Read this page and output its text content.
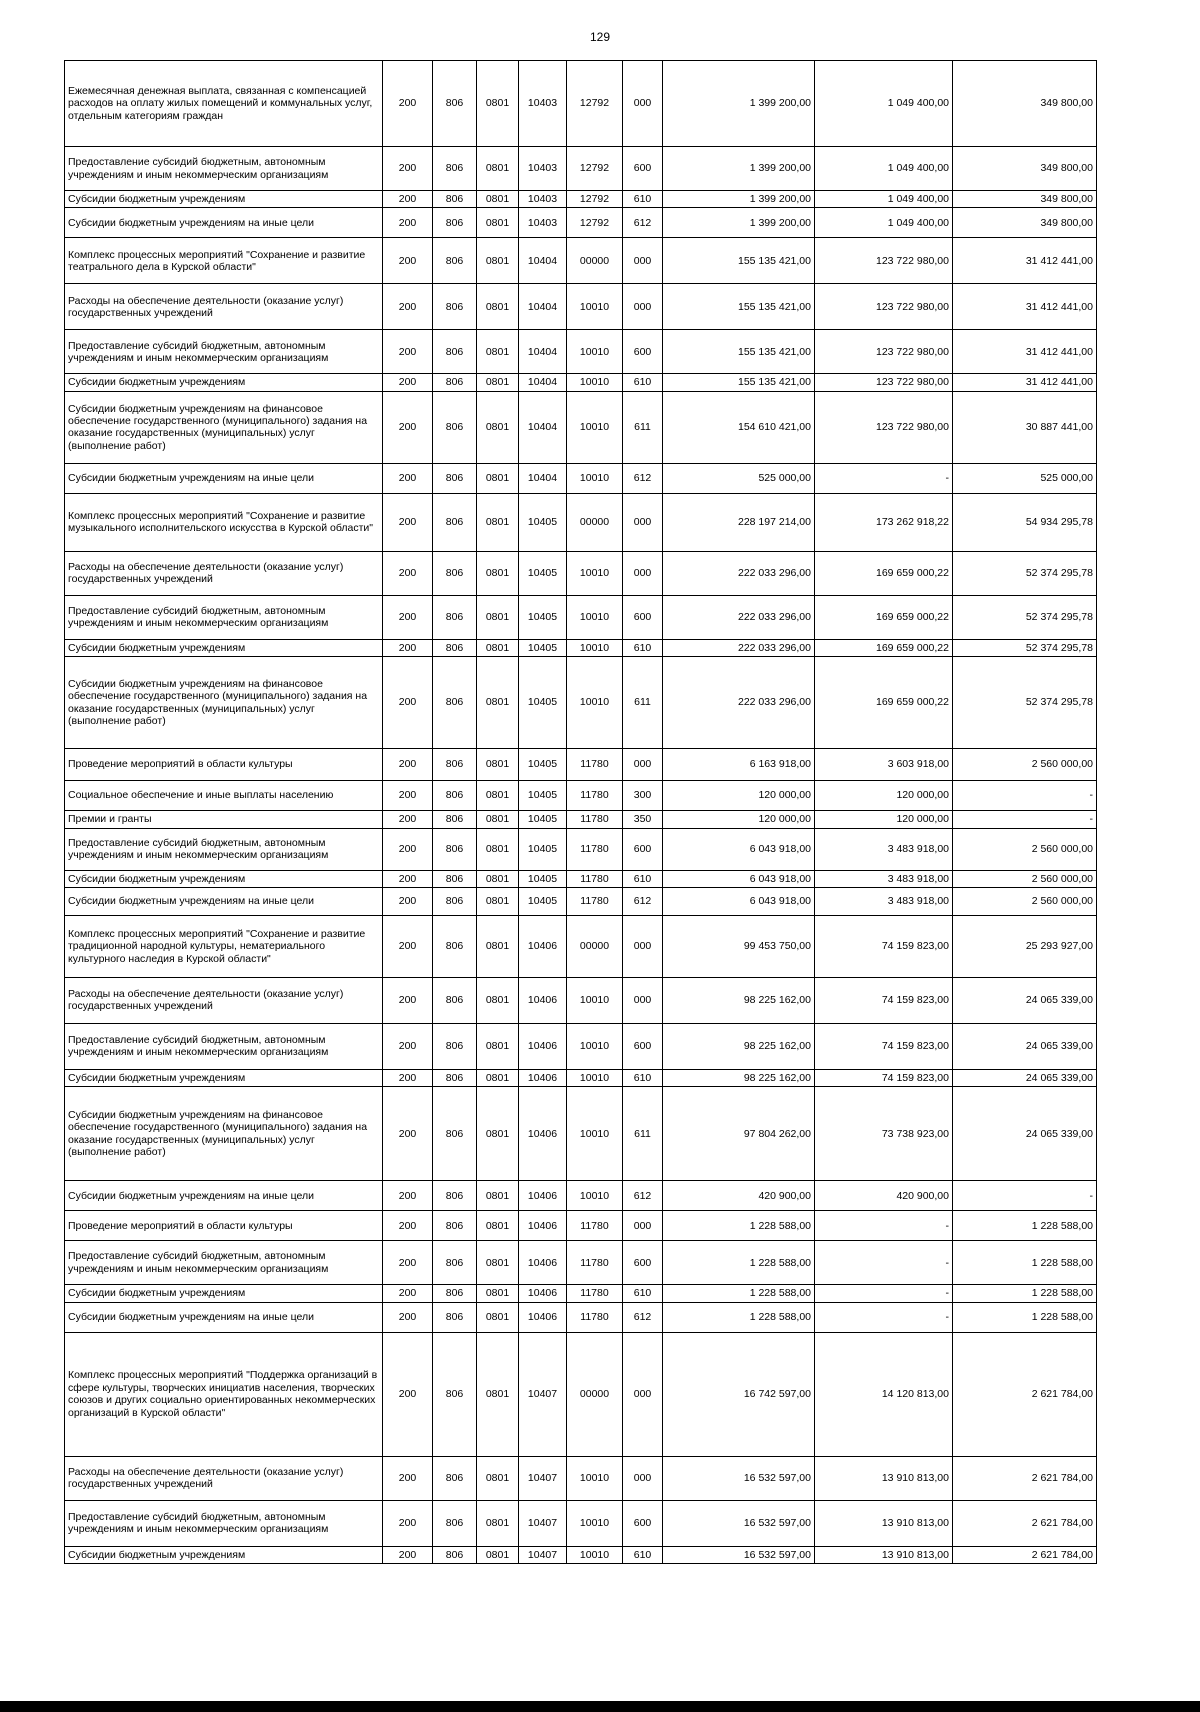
129
Ежемесячная денежная выплата, связанная с компенсацией расходов на оплату жилых помещений и коммунальных услуг, отдельным категориям граждан	200	806	0801	10403	12792	000	1 399 200,00	1 049 400,00	349 800,00
Предоставление субсидий бюджетным, автономным учреждениям и иным некоммерческим организациям	200	806	0801	10403	12792	600	1 399 200,00	1 049 400,00	349 800,00
Субсидии бюджетным учреждениям	200	806	0801	10403	12792	610	1 399 200,00	1 049 400,00	349 800,00
Субсидии бюджетным учреждениям на иные цели	200	806	0801	10403	12792	612	1 399 200,00	1 049 400,00	349 800,00
Комплекс процессных мероприятий "Сохранение и развитие театрального дела в Курской области"	200	806	0801	10404	00000	000	155 135 421,00	123 722 980,00	31 412 441,00
Расходы на обеспечение деятельности (оказание услуг) государственных учреждений	200	806	0801	10404	10010	000	155 135 421,00	123 722 980,00	31 412 441,00
Предоставление субсидий бюджетным, автономным учреждениям и иным некоммерческим организациям	200	806	0801	10404	10010	600	155 135 421,00	123 722 980,00	31 412 441,00
Субсидии бюджетным учреждениям	200	806	0801	10404	10010	610	155 135 421,00	123 722 980,00	31 412 441,00
Субсидии бюджетным учреждениям на финансовое обеспечение государственного (муниципального) задания на оказание государственных (муниципальных) услуг (выполнение работ)	200	806	0801	10404	10010	611	154 610 421,00	123 722 980,00	30 887 441,00
Субсидии бюджетным учреждениям на иные цели	200	806	0801	10404	10010	612	525 000,00	-	525 000,00
Комплекс процессных мероприятий "Сохранение и развитие музыкального исполнительского искусства в Курской области"	200	806	0801	10405	00000	000	228 197 214,00	173 262 918,22	54 934 295,78
Расходы на обеспечение деятельности (оказание услуг) государственных учреждений	200	806	0801	10405	10010	000	222 033 296,00	169 659 000,22	52 374 295,78
Предоставление субсидий бюджетным, автономным учреждениям и иным некоммерческим организациям	200	806	0801	10405	10010	600	222 033 296,00	169 659 000,22	52 374 295,78
Субсидии бюджетным учреждениям	200	806	0801	10405	10010	610	222 033 296,00	169 659 000,22	52 374 295,78
Субсидии бюджетным учреждениям на финансовое обеспечение государственного (муниципального) задания на оказание государственных (муниципальных) услуг (выполнение работ)	200	806	0801	10405	10010	611	222 033 296,00	169 659 000,22	52 374 295,78
Проведение мероприятий в области культуры	200	806	0801	10405	11780	000	6 163 918,00	3 603 918,00	2 560 000,00
Социальное обеспечение и иные выплаты населению	200	806	0801	10405	11780	300	120 000,00	120 000,00	-
Премии и гранты	200	806	0801	10405	11780	350	120 000,00	120 000,00	-
Предоставление субсидий бюджетным, автономным учреждениям и иным некоммерческим организациям	200	806	0801	10405	11780	600	6 043 918,00	3 483 918,00	2 560 000,00
Субсидии бюджетным учреждениям	200	806	0801	10405	11780	610	6 043 918,00	3 483 918,00	2 560 000,00
Субсидии бюджетным учреждениям на иные цели	200	806	0801	10405	11780	612	6 043 918,00	3 483 918,00	2 560 000,00
Комплекс процессных мероприятий "Сохранение и развитие традиционной народной культуры, нематериального культурного наследия в Курской области"	200	806	0801	10406	00000	000	99 453 750,00	74 159 823,00	25 293 927,00
Расходы на обеспечение деятельности (оказание услуг) государственных учреждений	200	806	0801	10406	10010	000	98 225 162,00	74 159 823,00	24 065 339,00
Предоставление субсидий бюджетным, автономным учреждениям и иным некоммерческим организациям	200	806	0801	10406	10010	600	98 225 162,00	74 159 823,00	24 065 339,00
Субсидии бюджетным учреждениям	200	806	0801	10406	10010	610	98 225 162,00	74 159 823,00	24 065 339,00
Субсидии бюджетным учреждениям на финансовое обеспечение государственного (муниципального) задания на оказание государственных (муниципальных) услуг (выполнение работ)	200	806	0801	10406	10010	611	97 804 262,00	73 738 923,00	24 065 339,00
Субсидии бюджетным учреждениям на иные цели	200	806	0801	10406	10010	612	420 900,00	420 900,00	-
Проведение мероприятий в области культуры	200	806	0801	10406	11780	000	1 228 588,00	-	1 228 588,00
Предоставление субсидий бюджетным, автономным учреждениям и иным некоммерческим организациям	200	806	0801	10406	11780	600	1 228 588,00	-	1 228 588,00
Субсидии бюджетным учреждениям	200	806	0801	10406	11780	610	1 228 588,00	-	1 228 588,00
Субсидии бюджетным учреждениям на иные цели	200	806	0801	10406	11780	612	1 228 588,00	-	1 228 588,00
Комплекс процессных мероприятий "Поддержка организаций в сфере культуры, творческих инициатив населения, творческих союзов и других социально ориентированных некоммерческих организаций в Курской области"	200	806	0801	10407	00000	000	16 742 597,00	14 120 813,00	2 621 784,00
Расходы на обеспечение деятельности (оказание услуг) государственных учреждений	200	806	0801	10407	10010	000	16 532 597,00	13 910 813,00	2 621 784,00
Предоставление субсидий бюджетным, автономным учреждениям и иным некоммерческим организациям	200	806	0801	10407	10010	600	16 532 597,00	13 910 813,00	2 621 784,00
Субсидии бюджетным учреждениям	200	806	0801	10407	10010	610	16 532 597,00	13 910 813,00	2 621 784,00
